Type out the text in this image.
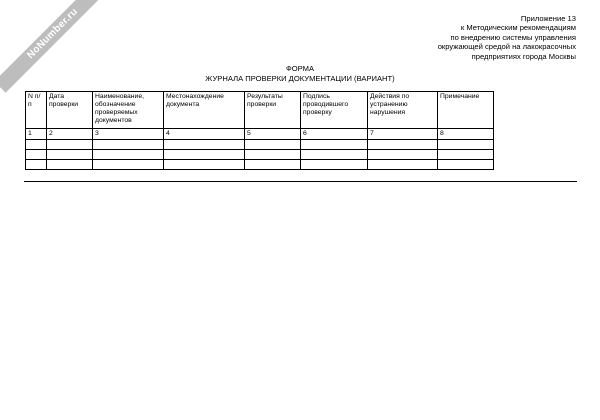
NoNumber.ru	Приложение 13
к Методическим рекомендациям
по внедрению системы управления
окружающей средой на лакокрасочных
предприятиях города Москвы
ФОРМА
ЖУРНАЛА ПРОВЕРКИ ДОКУМЕНТАЦИИ (ВАРИАНТ)
N п/п	Дата проверки	Наименование, обозначение проверяемых документов	Местонахождение документа	Результаты проверки	Подпись проводившего проверку	Действия по устранению нарушения	Примечание
1	2	3	4	5	6	7	8
